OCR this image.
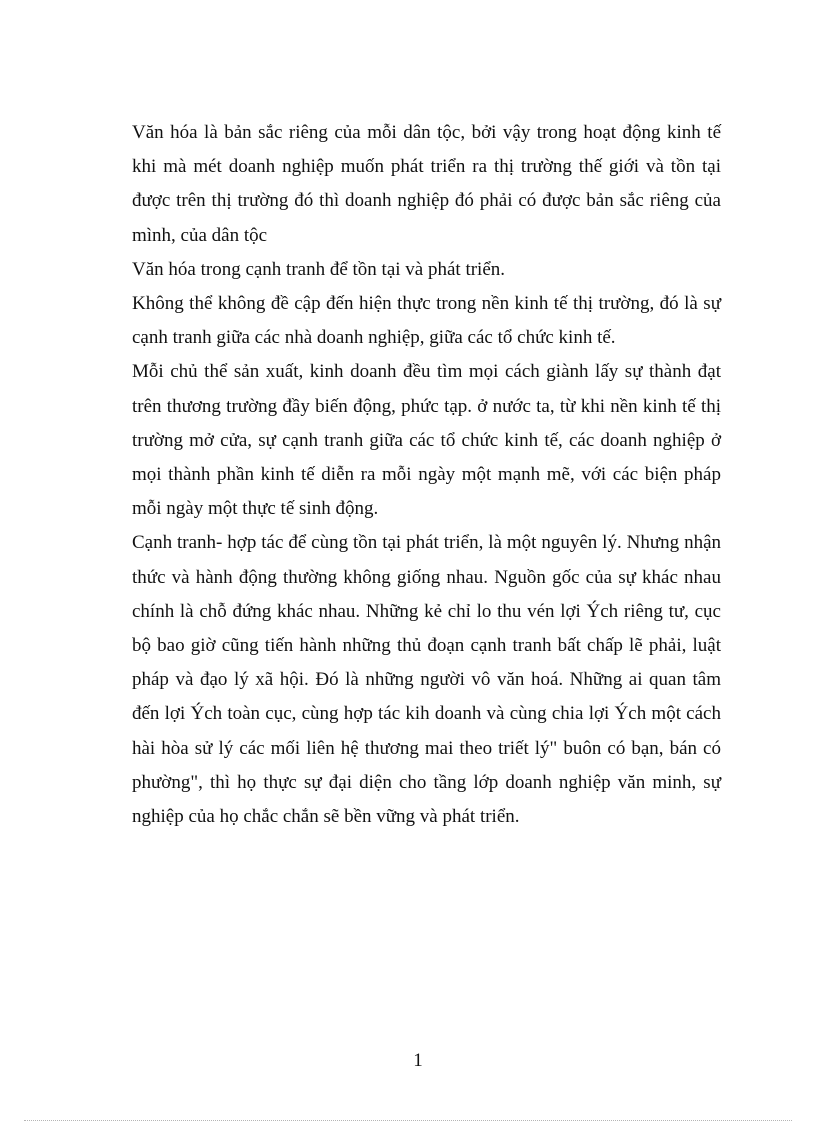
Văn hóa là bản sắc riêng của mỗi dân tộc, bởi vậy trong hoạt động kinh tế khi mà mét doanh nghiệp muốn phát triển ra thị trường thế giới và tồn tại được trên thị trường đó thì doanh nghiệp đó phải có được bản sắc riêng của mình, của dân tộc

Văn hóa trong cạnh tranh để tồn tại và phát triển.

Không thể không đề cập đến hiện thực trong nền kinh tế thị trường, đó là sự cạnh tranh giữa các nhà doanh nghiệp, giữa các tổ chức kinh tế.

Mỗi chủ thể sản xuất, kinh doanh đều tìm mọi cách giành lấy sự thành đạt trên thương trường đầy biến động, phức tạp. ở nước ta, từ khi nền kinh tế thị trường mở cửa, sự cạnh tranh giữa các tổ chức kinh tế, các doanh nghiệp ở mọi thành phần kinh tế diễn ra mỗi ngày một mạnh mẽ, với các biện pháp mỗi ngày một thực tế sinh động.

Cạnh tranh- hợp tác để cùng tồn tại phát triển, là một nguyên lý. Nhưng nhận thức và hành động thường không giống nhau. Nguồn gốc của sự khác nhau chính là chỗ đứng khác nhau. Những kẻ chỉ lo thu vén lợi Ých riêng tư, cục bộ bao giờ cũng tiến hành những thủ đoạn cạnh tranh bất chấp lẽ phải, luật pháp và đạo lý xã hội. Đó là những người vô văn hoá. Những ai quan tâm đến lợi Ých toàn cục, cùng hợp tác kih doanh và cùng chia lợi Ých một cách hài hòa sử lý các mối liên hệ thương mai theo triết lý" buôn có bạn, bán có phường", thì họ thực sự đại diện cho tầng lớp doanh nghiệp văn minh, sự nghiệp của họ chắc chắn sẽ bền vững và phát triển.

1
